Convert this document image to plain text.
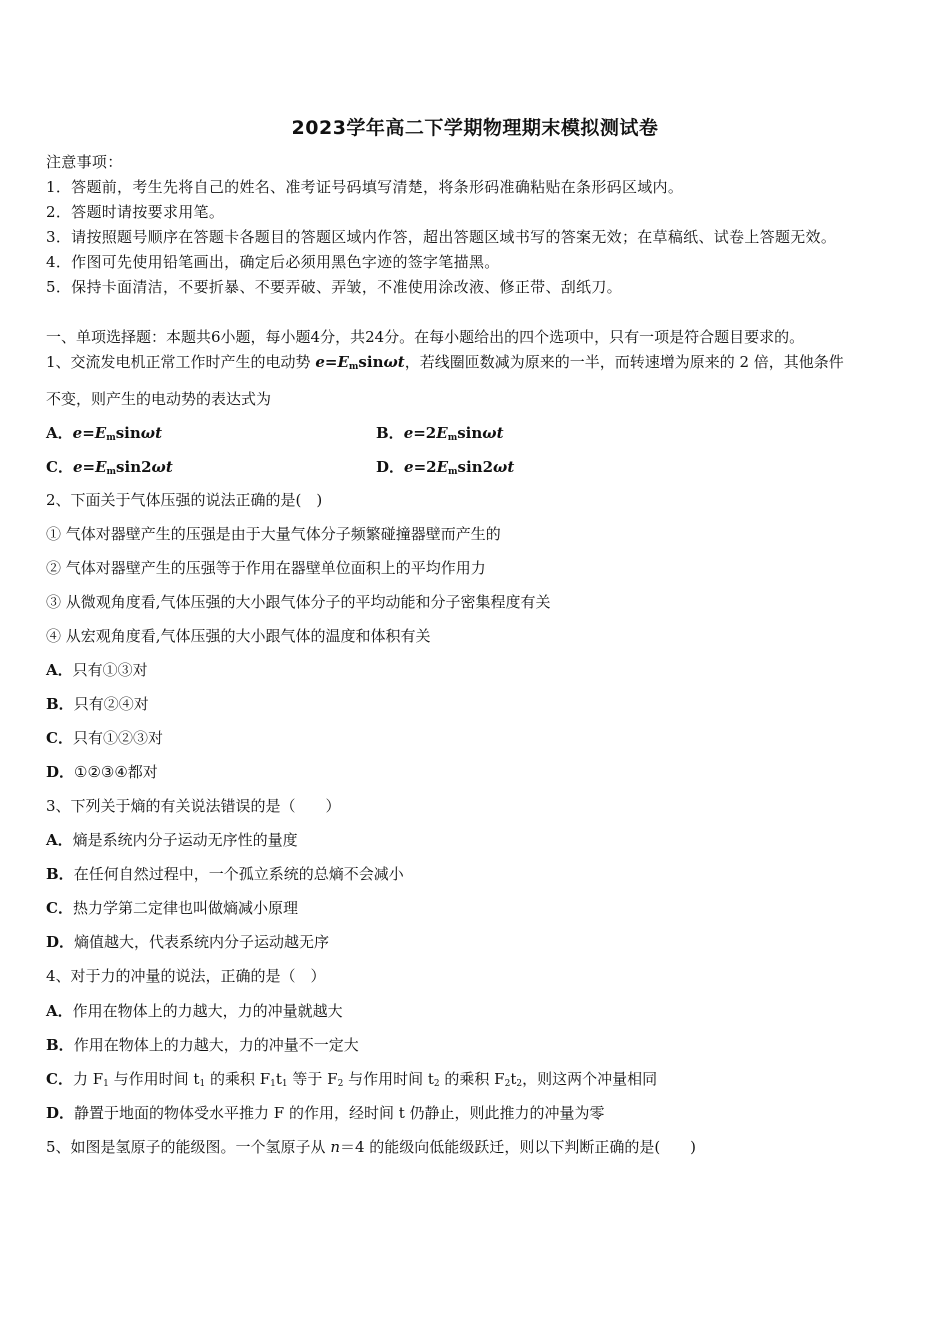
2023学年高二下学期物理期末模拟测试卷
注意事项：
1．答题前，考生先将自己的姓名、准考证号码填写清楚，将条形码准确粘贴在条形码区域内。
2．答题时请按要求用笔。
3．请按照题号顺序在答题卡各题目的答题区域内作答，超出答题区域书写的答案无效；在草稿纸、试卷上答题无效。
4．作图可先使用铅笔画出，确定后必须用黑色字迹的签字笔描黑。
5．保持卡面清洁，不要折暴、不要弄破、弄皱，不准使用涂改液、修正带、刮纸刀。
一、单项选择题：本题共6小题，每小题4分，共24分。在每小题给出的四个选项中，只有一项是符合题目要求的。
1、交流发电机正常工作时产生的电动势 $e=E_m\sin\omega t$，若线圈匝数减为原来的一半，而转速增为原来的 2 倍，其他条件
不变，则产生的电动势的表达式为
A．$e=E_m\sin\omega t$	B．$e=2E_m\sin\omega t$
C．$e=E_m\sin 2\omega t$	D．$e=2E_m\sin 2\omega t$
2、下面关于气体压强的说法正确的是(　)
① 气体对器壁产生的压强是由于大量气体分子频繁碰撞器壁而产生的
② 气体对器壁产生的压强等于作用在器壁单位面积上的平均作用力
③ 从微观角度看,气体压强的大小跟气体分子的平均动能和分子密集程度有关
④ 从宏观角度看,气体压强的大小跟气体的温度和体积有关
A．只有①③对
B．只有②④对
C．只有①②③对
D．①②③④都对
3、下列关于熵的有关说法错误的是（　　）
A．熵是系统内分子运动无序性的量度
B．在任何自然过程中，一个孤立系统的总熵不会减小
C．热力学第二定律也叫做熵减小原理
D．熵值越大，代表系统内分子运动越无序
4、对于力的冲量的说法，正确的是（　）
A．作用在物体上的力越大，力的冲量就越大
B．作用在物体上的力越大，力的冲量不一定大
C．力 $F_1$ 与作用时间 $t_1$ 的乘积 $F_1t_1$ 等于 $F_2$ 与作用时间 $t_2$ 的乘积 $F_2t_2$，则这两个冲量相同
D．静置于地面的物体受水平推力 F 的作用，经时间 t 仍静止，则此推力的冲量为零
5、如图是氢原子的能级图。一个氢原子从 n＝4 的能级向低能级跃迁，则以下判断正确的是(　　)
